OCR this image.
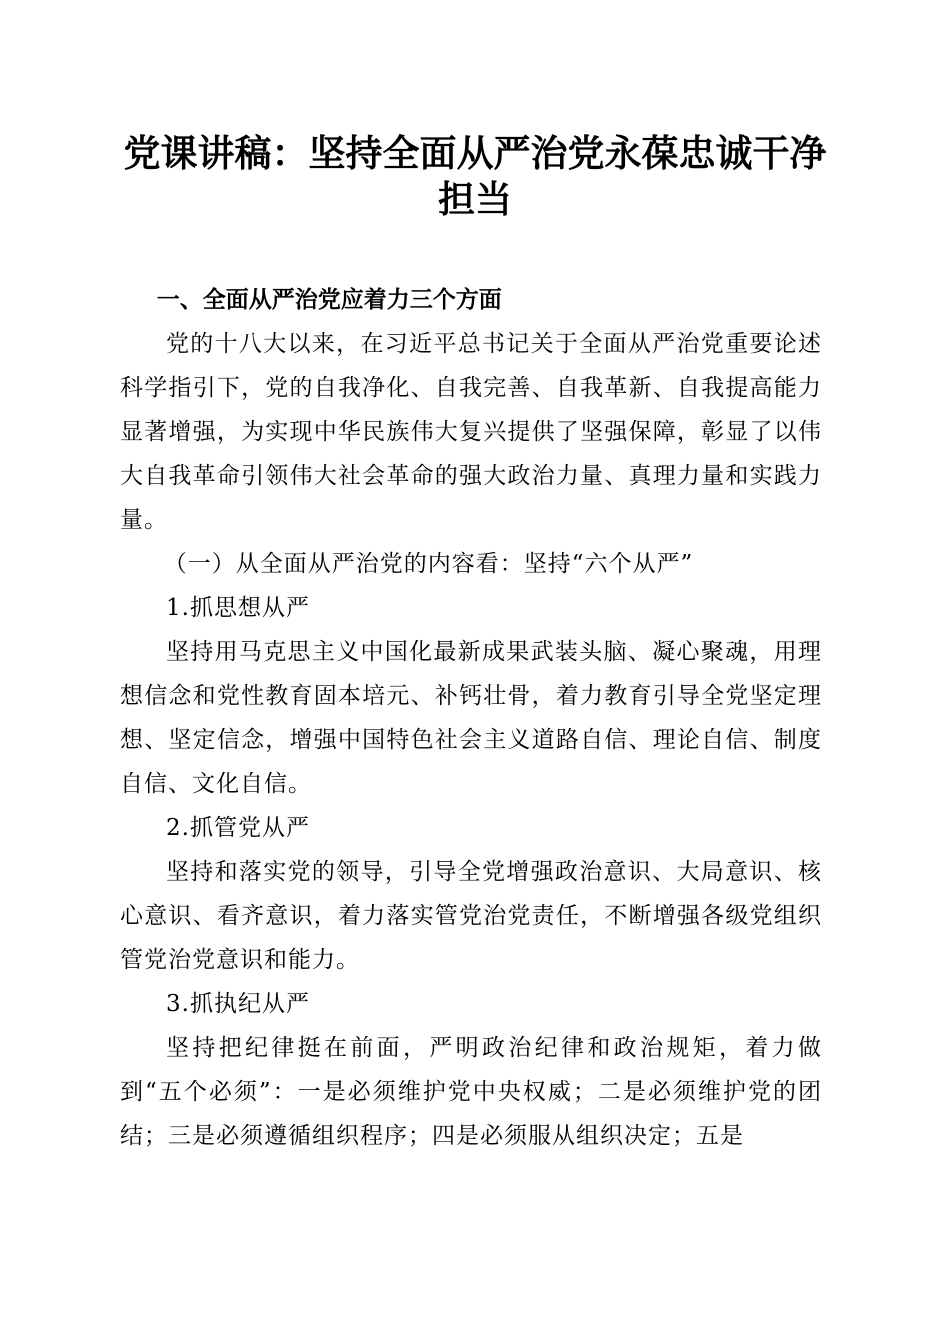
党课讲稿：坚持全面从严治党永葆忠诚干净担当

一、全面从严治党应着力三个方面

党的十八大以来，在习近平总书记关于全面从严治党重要论述科学指引下，党的自我净化、自我完善、自我革新、自我提高能力显著增强，为实现中华民族伟大复兴提供了坚强保障，彰显了以伟大自我革命引领伟大社会革命的强大政治力量、真理力量和实践力量。

（一）从全面从严治党的内容看：坚持“六个从严”

1.抓思想从严

坚持用马克思主义中国化最新成果武装头脑、凝心聚魂，用理想信念和党性教育固本培元、补钙壮骨，着力教育引导全党坚定理想、坚定信念，增强中国特色社会主义道路自信、理论自信、制度自信、文化自信。

2.抓管党从严

坚持和落实党的领导，引导全党增强政治意识、大局意识、核心意识、看齐意识，着力落实管党治党责任，不断增强各级党组织管党治党意识和能力。

3.抓执纪从严

坚持把纪律挺在前面，严明政治纪律和政治规矩，着力做到“五个必须”：一是必须维护党中央权威；二是必须维护党的团结；三是必须遵循组织程序；四是必须服从组织决定；五是
